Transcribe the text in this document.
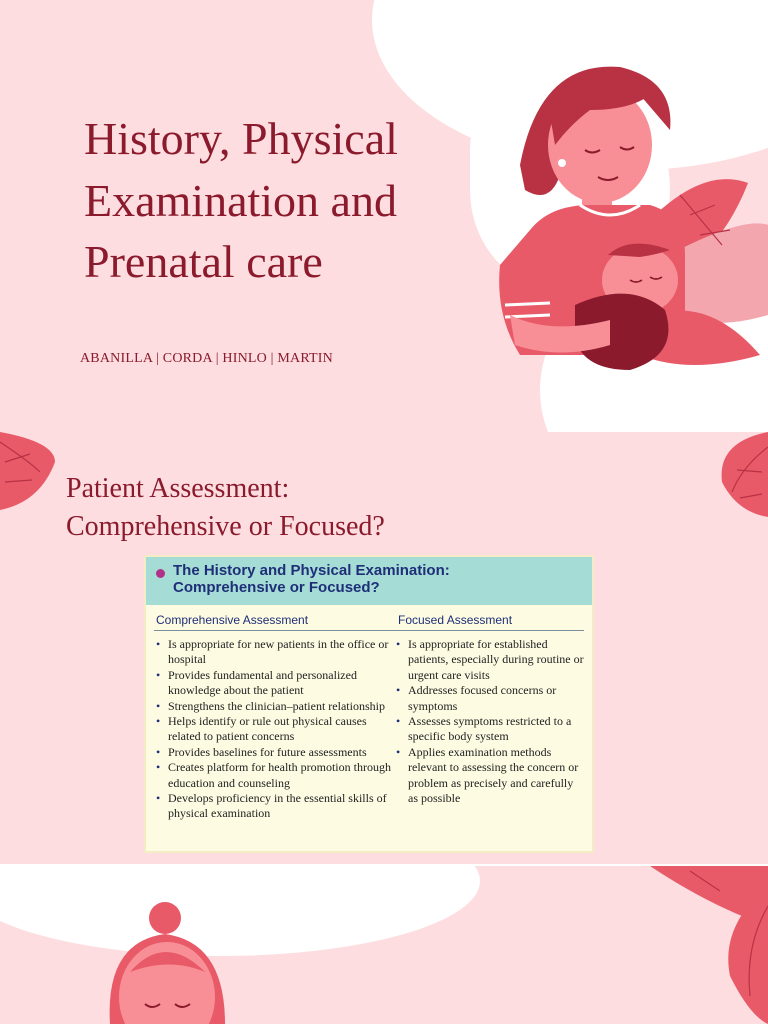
History, Physical
Examination and
Prenatal care
ABANILLA | CORDA | HINLO | MARTIN
Patient Assessment:
Comprehensive or Focused?
The History and Physical Examination:
Comprehensive or Focused?
Comprehensive Assessment	Focused Assessment
• Is appropriate for new patients in the office or hospital
• Provides fundamental and personalized knowledge about the patient
• Strengthens the clinician–patient relationship
• Helps identify or rule out physical causes related to patient concerns
• Provides baselines for future assessments
• Creates platform for health promotion through education and counseling
• Develops proficiency in the essential skills of physical examination
• Is appropriate for established patients, especially during routine or urgent care visits
• Addresses focused concerns or symptoms
• Assesses symptoms restricted to a specific body system
• Applies examination methods relevant to assessing the concern or problem as precisely and carefully as possible
